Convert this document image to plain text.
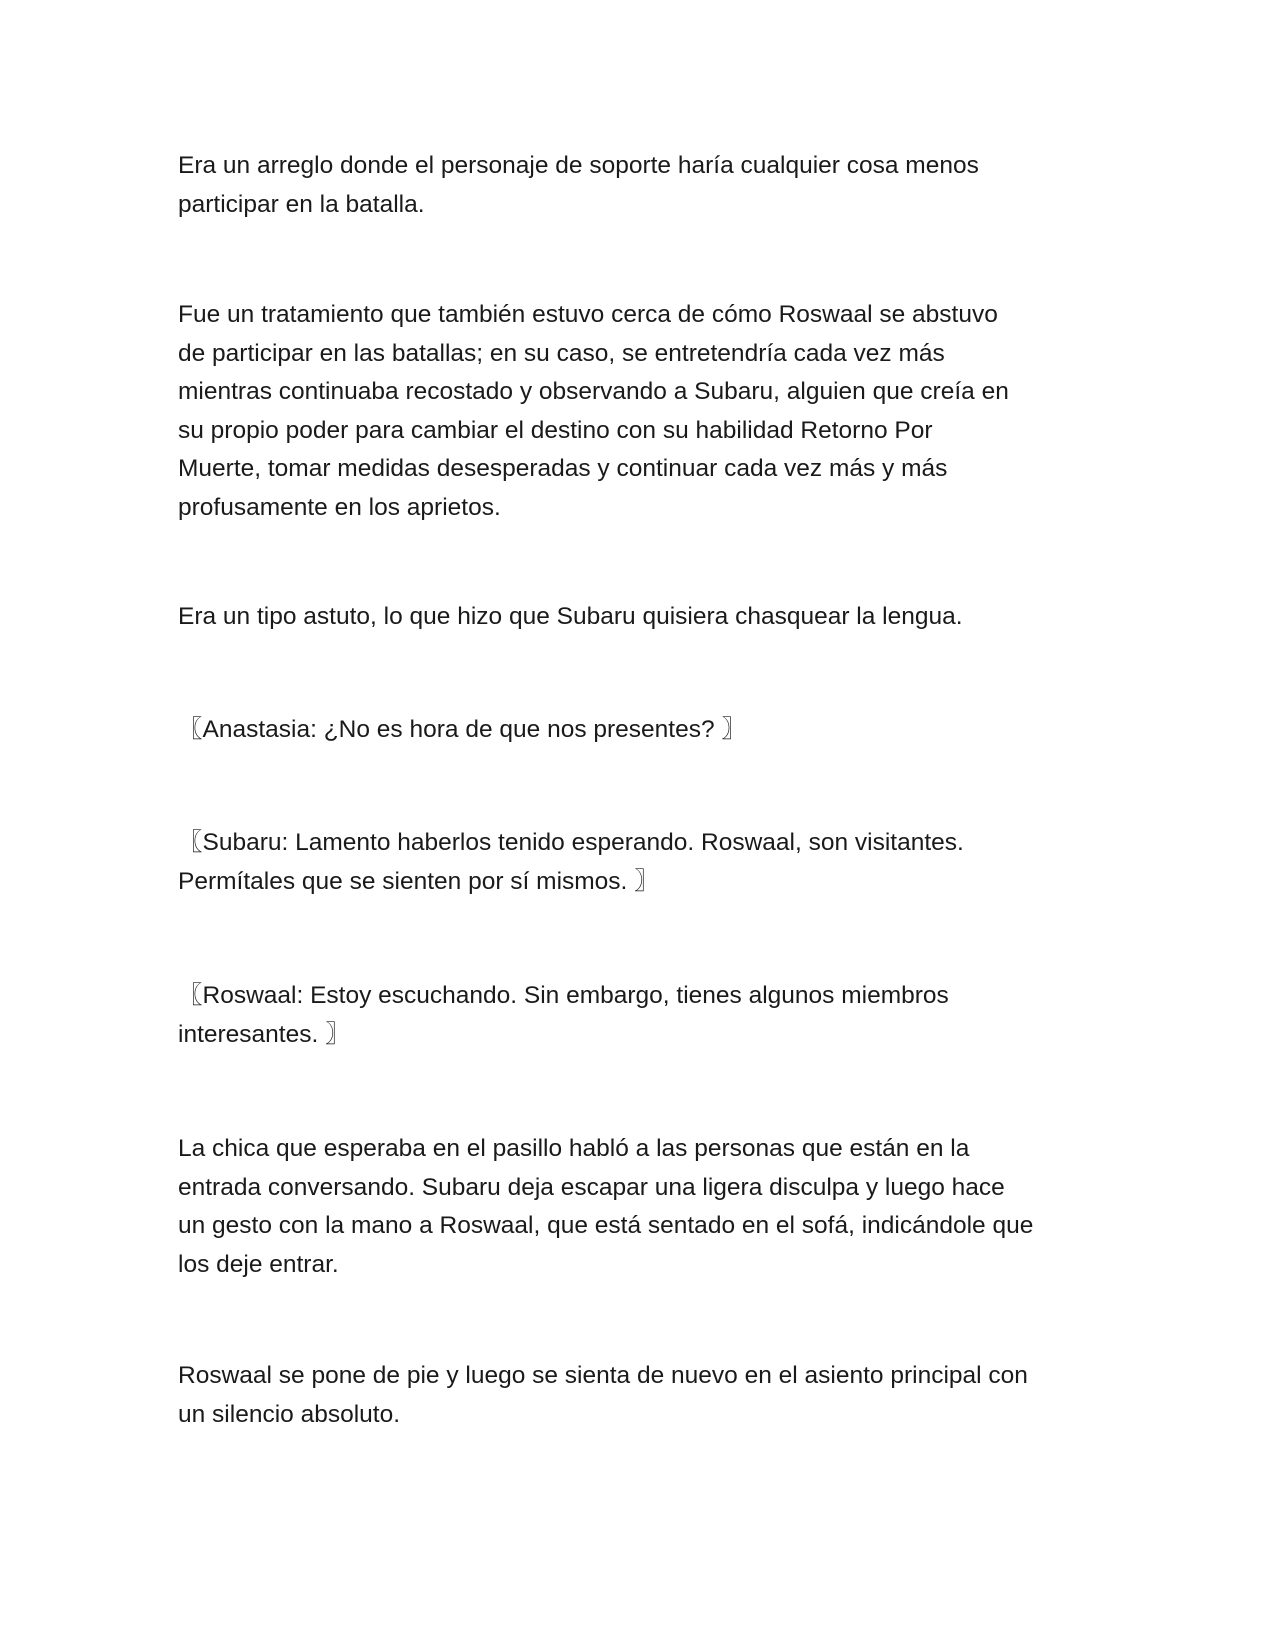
Era un arreglo donde el personaje de soporte haría cualquier cosa menos
participar en la batalla.

Fue un tratamiento que también estuvo cerca de cómo Roswaal se abstuvo
de participar en las batallas; en su caso, se entretendría cada vez más
mientras continuaba recostado y observando a Subaru, alguien que creía en
su propio poder para cambiar el destino con su habilidad Retorno Por
Muerte, tomar medidas desesperadas y continuar cada vez más y más
profusamente en los aprietos.

Era un tipo astuto, lo que hizo que Subaru quisiera chasquear la lengua.

〖Anastasia: ¿No es hora de que nos presentes? 〗

〖Subaru: Lamento haberlos tenido esperando. Roswaal, son visitantes.
Permítales que se sienten por sí mismos. 〗

〖Roswaal: Estoy escuchando. Sin embargo, tienes algunos miembros
interesantes. 〗

La chica que esperaba en el pasillo habló a las personas que están en la
entrada conversando. Subaru deja escapar una ligera disculpa y luego hace
un gesto con la mano a Roswaal, que está sentado en el sofá, indicándole que
los deje entrar.

Roswaal se pone de pie y luego se sienta de nuevo en el asiento principal con
un silencio absoluto.
